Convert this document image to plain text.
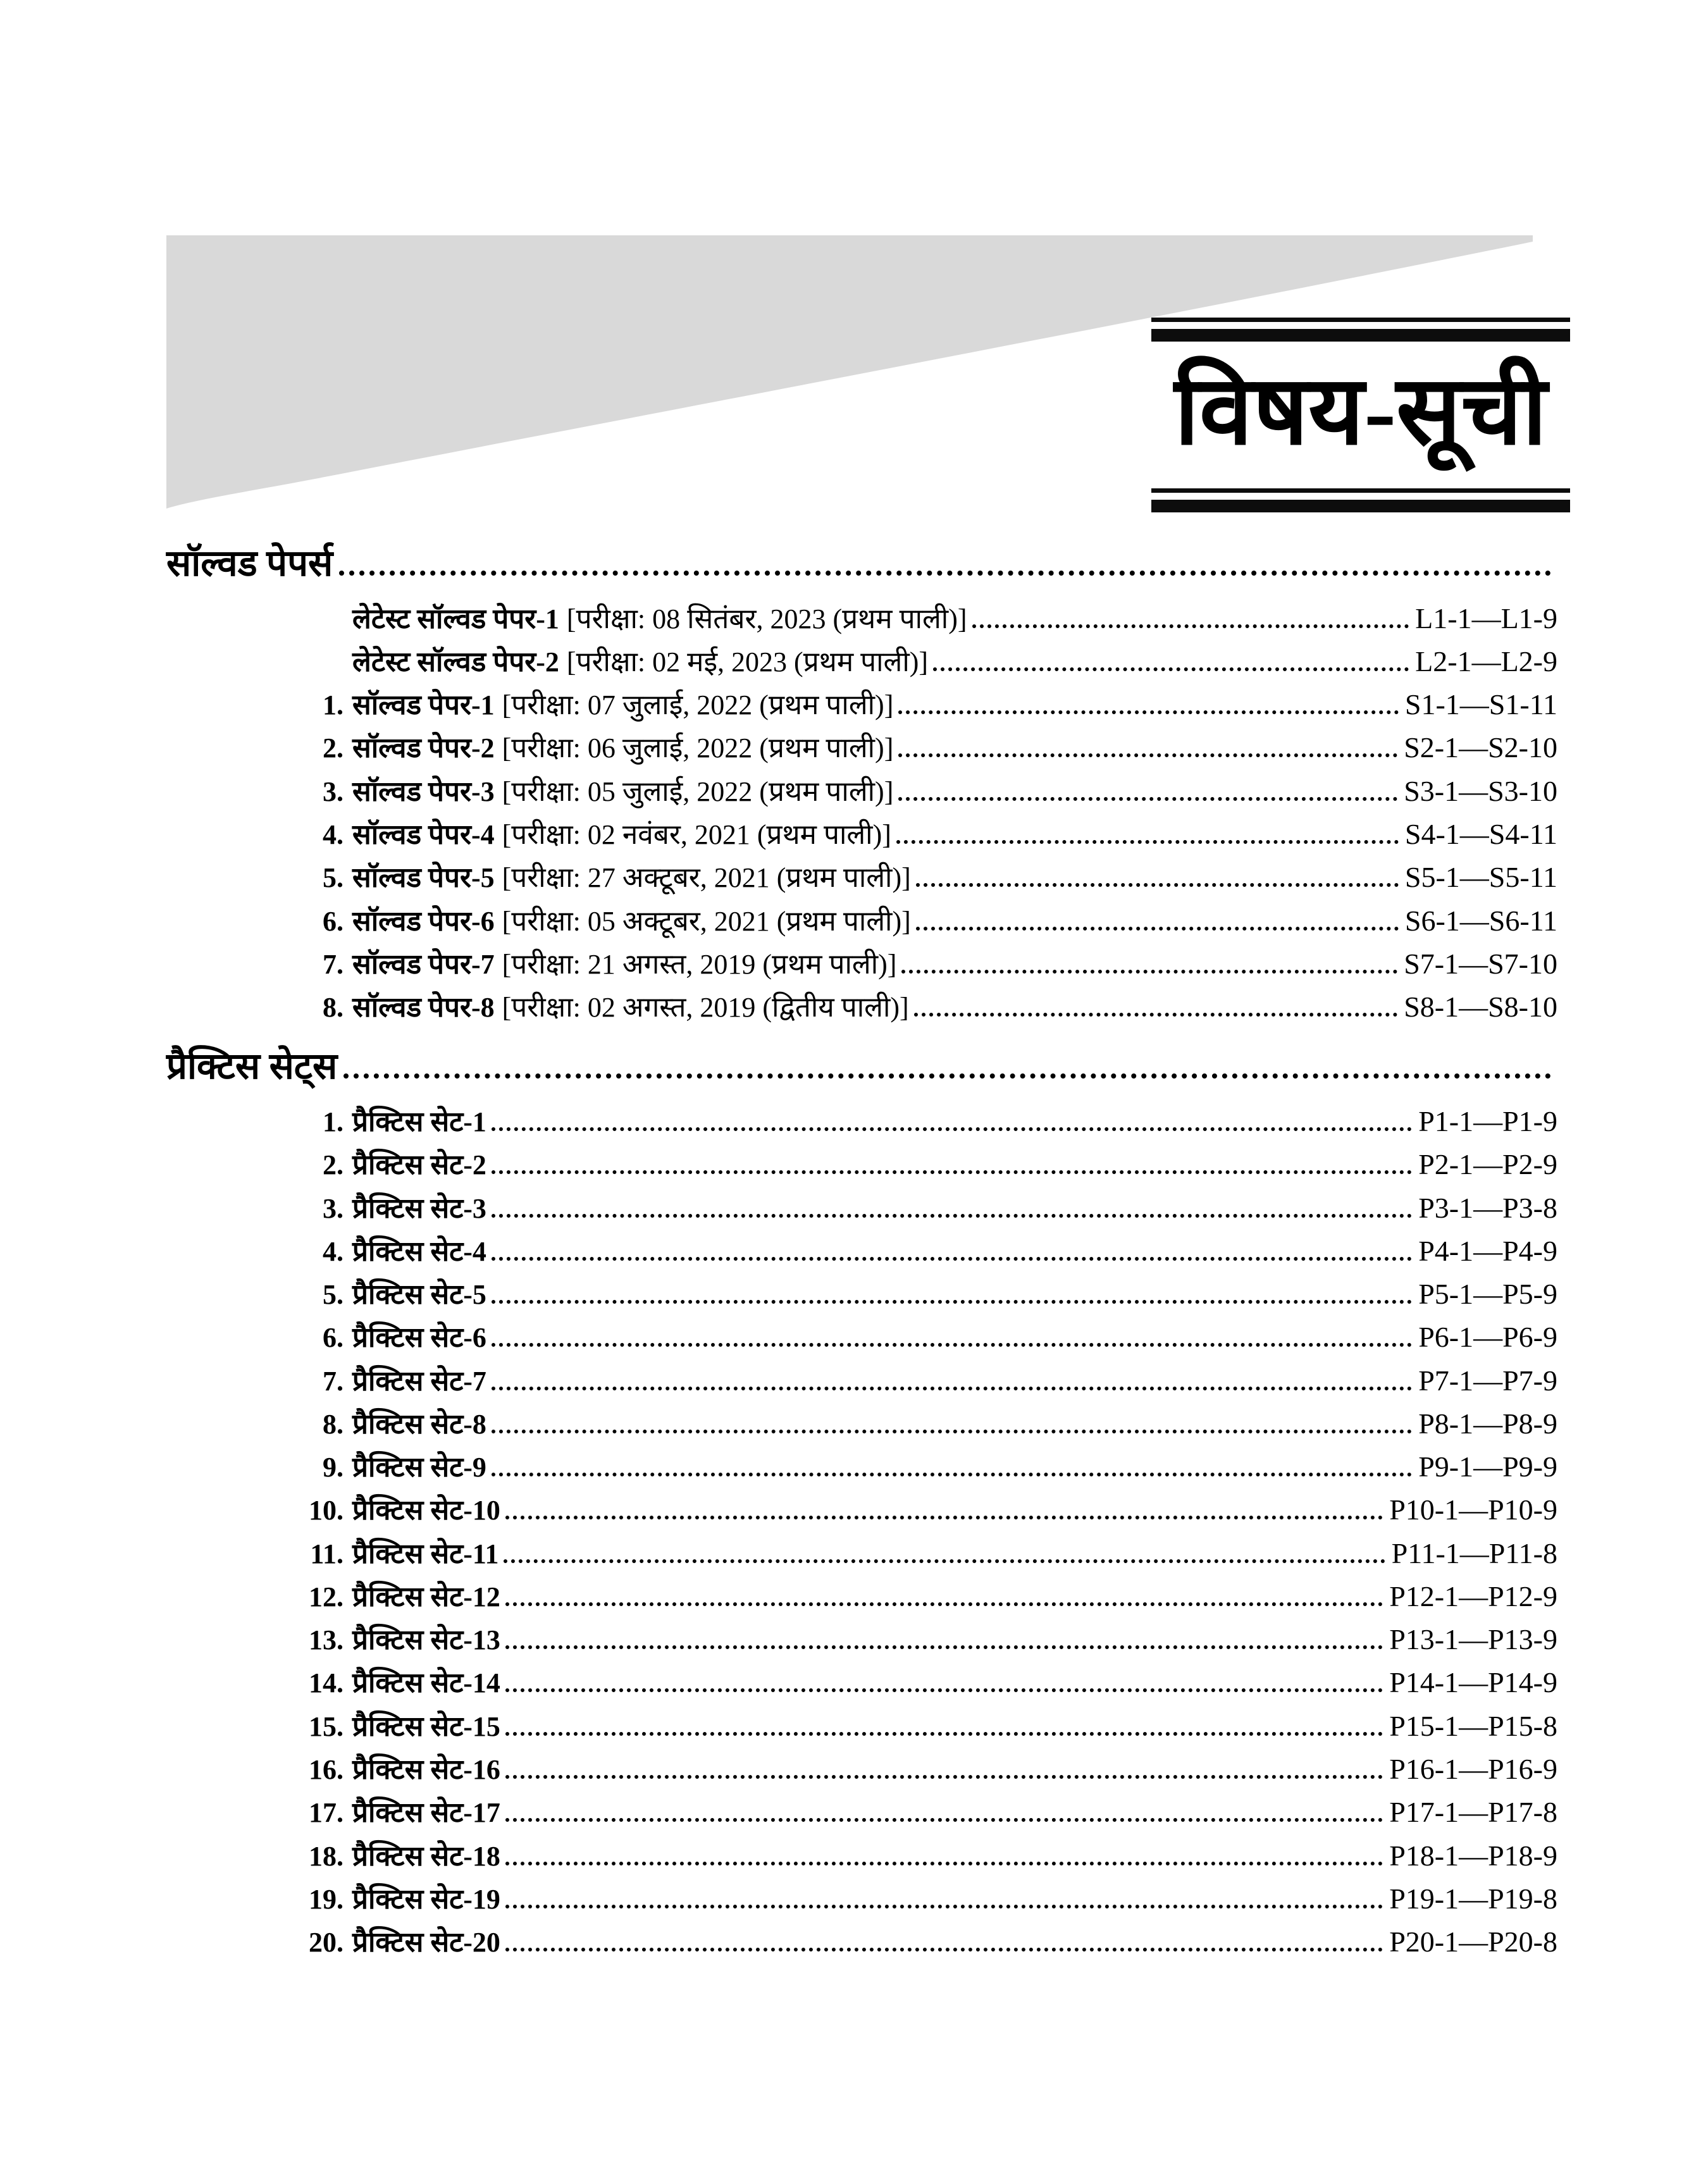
विषय-सूची
सॉल्वड पेपर्स
लेटेस्ट सॉल्वड पेपर-1 [परीक्षा: 08 सितंबर, 2023 (प्रथम पाली)]	L1-1—L1-9
लेटेस्ट सॉल्वड पेपर-2 [परीक्षा: 02 मई, 2023 (प्रथम पाली)]	L2-1—L2-9
1. सॉल्वड पेपर-1 [परीक्षा: 07 जुलाई, 2022 (प्रथम पाली)]	S1-1—S1-11
2. सॉल्वड पेपर-2 [परीक्षा: 06 जुलाई, 2022 (प्रथम पाली)]	S2-1—S2-10
3. सॉल्वड पेपर-3 [परीक्षा: 05 जुलाई, 2022 (प्रथम पाली)]	S3-1—S3-10
4. सॉल्वड पेपर-4 [परीक्षा: 02 नवंबर, 2021 (प्रथम पाली)]	S4-1—S4-11
5. सॉल्वड पेपर-5 [परीक्षा: 27 अक्टूबर, 2021 (प्रथम पाली)]	S5-1—S5-11
6. सॉल्वड पेपर-6 [परीक्षा: 05 अक्टूबर, 2021 (प्रथम पाली)]	S6-1—S6-11
7. सॉल्वड पेपर-7 [परीक्षा: 21 अगस्त, 2019 (प्रथम पाली)]	S7-1—S7-10
8. सॉल्वड पेपर-8 [परीक्षा: 02 अगस्त, 2019 (द्वितीय पाली)]	S8-1—S8-10
प्रैक्टिस सेट्स
1. प्रैक्टिस सेट-1	P1-1—P1-9
2. प्रैक्टिस सेट-2	P2-1—P2-9
3. प्रैक्टिस सेट-3	P3-1—P3-8
4. प्रैक्टिस सेट-4	P4-1—P4-9
5. प्रैक्टिस सेट-5	P5-1—P5-9
6. प्रैक्टिस सेट-6	P6-1—P6-9
7. प्रैक्टिस सेट-7	P7-1—P7-9
8. प्रैक्टिस सेट-8	P8-1—P8-9
9. प्रैक्टिस सेट-9	P9-1—P9-9
10. प्रैक्टिस सेट-10	P10-1—P10-9
11. प्रैक्टिस सेट-11	P11-1—P11-8
12. प्रैक्टिस सेट-12	P12-1—P12-9
13. प्रैक्टिस सेट-13	P13-1—P13-9
14. प्रैक्टिस सेट-14	P14-1—P14-9
15. प्रैक्टिस सेट-15	P15-1—P15-8
16. प्रैक्टिस सेट-16	P16-1—P16-9
17. प्रैक्टिस सेट-17	P17-1—P17-8
18. प्रैक्टिस सेट-18	P18-1—P18-9
19. प्रैक्टिस सेट-19	P19-1—P19-8
20. प्रैक्टिस सेट-20	P20-1—P20-8
